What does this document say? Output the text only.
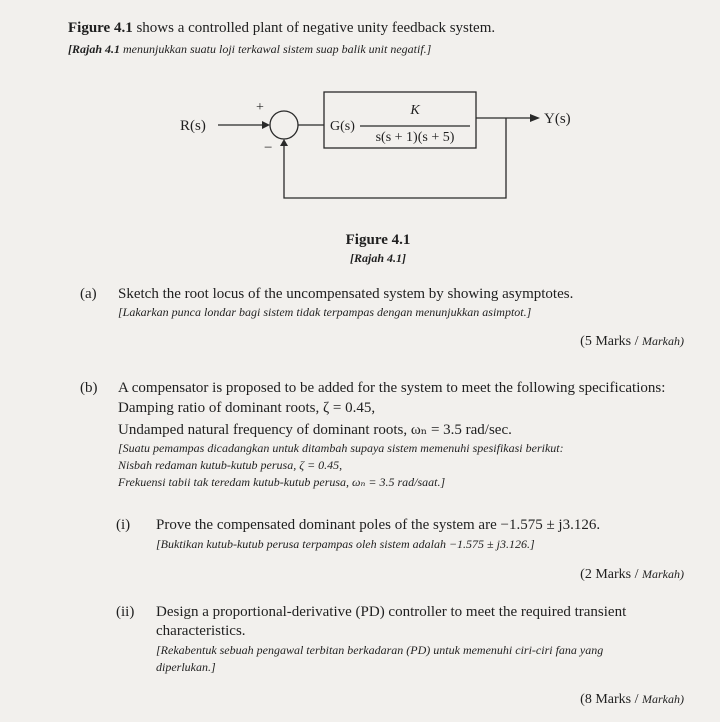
Figure 4.1 shows a controlled plant of negative unity feedback system.
[Rajah 4.1 menunjukkan suatu loji terkawal sistem suap balik unit negatif.]
R(s)	Y(s)
+
−
G(s)
K
s(s + 1)(s + 5)
Figure 4.1
[Rajah 4.1]
(a) Sketch the root locus of the uncompensated system by showing asymptotes.
[Lakarkan punca londar bagi sistem tidak terpampas dengan menunjukkan asimptot.]
(5 Marks / Markah)
(b) A compensator is proposed to be added for the system to meet the following specifications:
Damping ratio of dominant roots, ζ = 0.45,
Undamped natural frequency of dominant roots, ωₙ = 3.5 rad/sec.
[Suatu pemampas dicadangkan untuk ditambah supaya sistem memenuhi spesifikasi berikut:
Nisbah redaman kutub-kutub perusa, ζ = 0.45,
Frekuensi tabii tak teredam kutub-kutub perusa, ωₙ = 3.5 rad/saat.]
(i) Prove the compensated dominant poles of the system are −1.575 ± j3.126.
[Buktikan kutub-kutub perusa terpampas oleh sistem adalah −1.575 ± j3.126.]
(2 Marks / Markah)
(ii) Design a proportional-derivative (PD) controller to meet the required transient
characteristics.
[Rekabentuk sebuah pengawal terbitan berkadaran (PD) untuk memenuhi ciri-ciri fana yang
diperlukan.]
(8 Marks / Markah)
